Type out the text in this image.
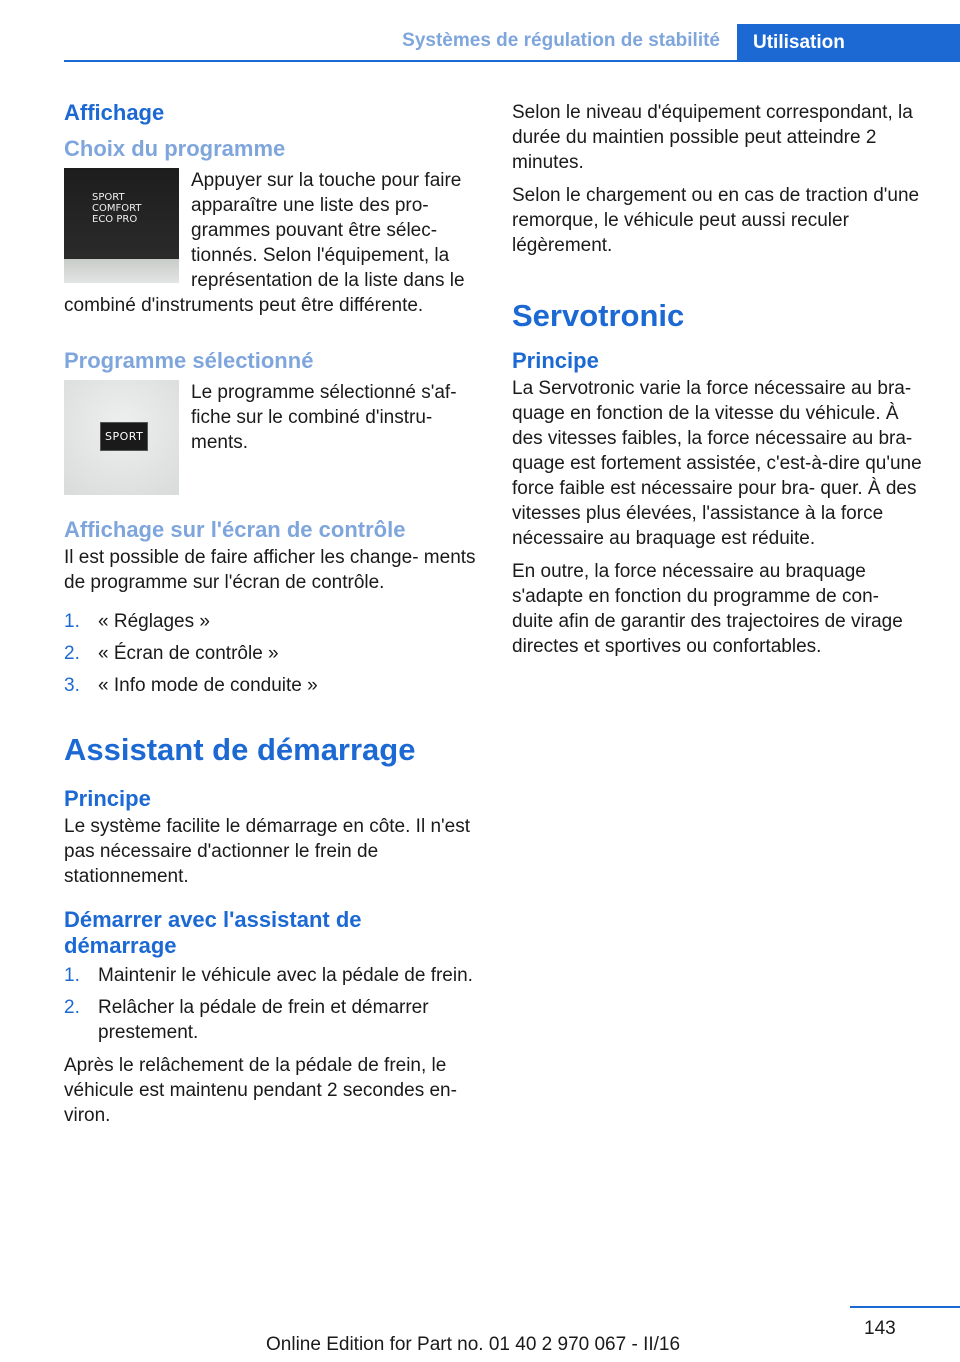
Systèmes de régulation de stabilité	Utilisation
Affichage
Choix du programme
SPORT
COMFORT
ECO PRO

Appuyer sur la touche pour faire apparaître une liste des pro‐ grammes pouvant être sélec‐ tionnés. Selon l'équipement, la représentation de la liste dans le combiné d'instruments peut être différente.

Programme sélectionné
SPORT

Le programme sélectionné s'af‐ fiche sur le combiné d'instru‐ ments.

Affichage sur l'écran de contrôle

Il est possible de faire afficher les change‐ ments de programme sur l'écran de contrôle.

1. « Réglages »
2. « Écran de contrôle »
3. « Info mode de conduite »
Assistant de démarrage
Principe

Le système facilite le démarrage en côte. Il n'est pas nécessaire d'actionner le frein de stationnement.

Démarrer avec l'assistant de démarrage
1. Maintenir le véhicule avec la pédale de frein.
2. Relâcher la pédale de frein et démarrer prestement.

Après le relâchement de la pédale de frein, le véhicule est maintenu pendant 2 secondes en‐ viron.

Selon le niveau d'équipement correspondant, la durée du maintien possible peut atteindre 2 minutes.

Selon le chargement ou en cas de traction d'une remorque, le véhicule peut aussi reculer légèrement.

Servotronic
Principe

La Servotronic varie la force nécessaire au bra‐ quage en fonction de la vitesse du véhicule. À des vitesses faibles, la force nécessaire au bra‐ quage est fortement assistée, c'est-à-dire qu'une force faible est nécessaire pour bra‐ quer. À des vitesses plus élevées, l'assistance à la force nécessaire au braquage est réduite.

En outre, la force nécessaire au braquage s'adapte en fonction du programme de con‐ duite afin de garantir des trajectoires de virage directes et sportives ou confortables.

143
Online Edition for Part no. 01 40 2 970 067 - II/16
